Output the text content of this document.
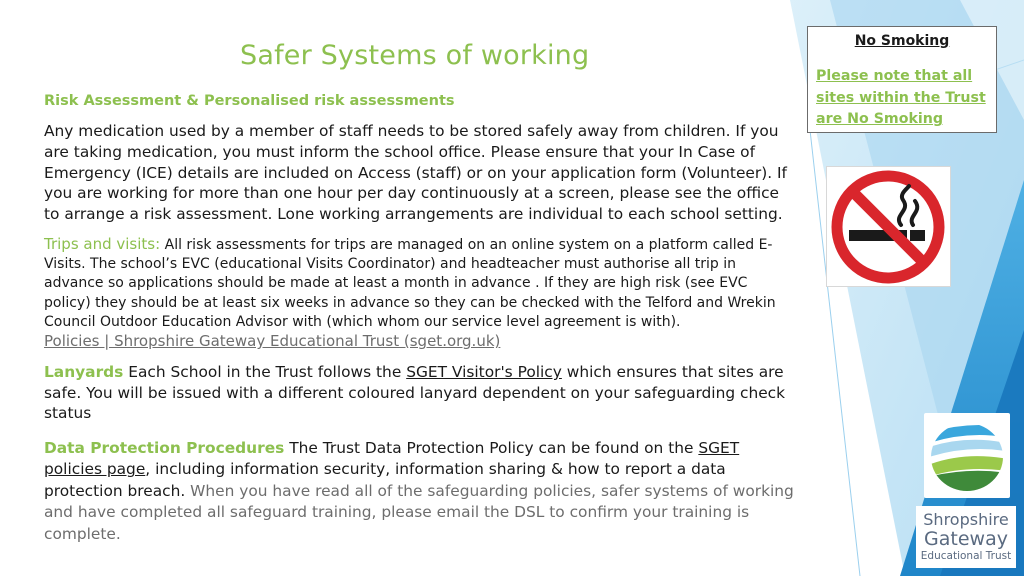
Safer Systems of working
Risk Assessment & Personalised risk assessments

Any medication used by a member of staff needs to be stored safely away from children. If you are taking medication, you must inform the school office. Please ensure that your In Case of Emergency (ICE) details are included on Access (staff) or on your application form (Volunteer). If you are working for more than one hour per day continuously at a screen, please see the office to arrange a risk assessment. Lone working arrangements are individual to each school setting.

Trips and visits: All risk assessments for trips are managed on an online system on a platform called E-Visits. The school’s EVC (educational Visits Coordinator) and headteacher must authorise all trip in advance so applications should be made at least a month in advance . If they are high risk (see EVC policy) they should be at least six weeks in advance so they can be checked with the Telford and Wrekin Council Outdoor Education Advisor with (which whom our service level agreement is with).
Policies | Shropshire Gateway Educational Trust (sget.org.uk)

Lanyards Each School in the Trust follows the SGET Visitor's Policy which ensures that sites are safe. You will be issued with a different coloured lanyard dependent on your safeguarding check status

Data Protection Procedures The Trust Data Protection Policy can be found on the SGET policies page, including information security, information sharing & how to report a data protection breach. When you have read all of the safeguarding policies, safer systems of working and have completed all safeguard training, please email the DSL to confirm your training is complete.

No Smoking
Please note that all sites within the Trust are No Smoking
Shropshire
Gateway
Educational Trust
